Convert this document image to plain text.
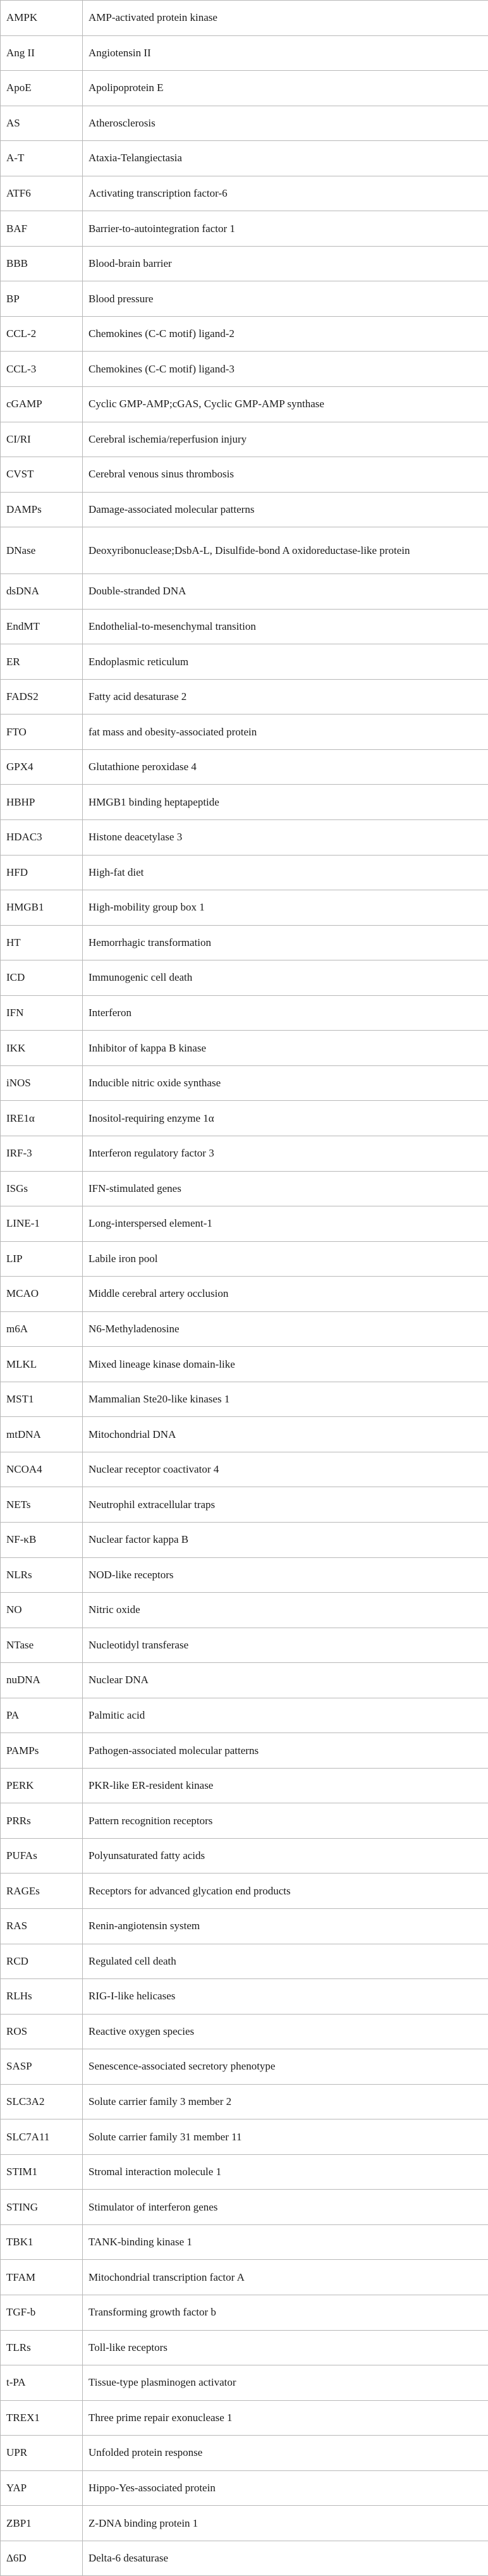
AMPK	AMP-activated protein kinase
Ang II	Angiotensin II
ApoE	Apolipoprotein E
AS	Atherosclerosis
A-T	Ataxia-Telangiectasia
ATF6	Activating transcription factor-6
BAF	Barrier-to-autointegration factor 1
BBB	Blood-brain barrier
BP	Blood pressure
CCL-2	Chemokines (C-C motif) ligand-2
CCL-3	Chemokines (C-C motif) ligand-3
cGAMP	Cyclic GMP-AMP;cGAS, Cyclic GMP-AMP synthase
CI/RI	Cerebral ischemia/reperfusion injury
CVST	Cerebral venous sinus thrombosis
DAMPs	Damage-associated molecular patterns
DNase	Deoxyribonuclease;DsbA-L, Disulfide-bond A oxidoreductase-like protein
dsDNA	Double-stranded DNA
EndMT	Endothelial-to-mesenchymal transition
ER	Endoplasmic reticulum
FADS2	Fatty acid desaturase 2
FTO	fat mass and obesity-associated protein
GPX4	Glutathione peroxidase 4
HBHP	HMGB1 binding heptapeptide
HDAC3	Histone deacetylase 3
HFD	High-fat diet
HMGB1	High-mobility group box 1
HT	Hemorrhagic transformation
ICD	Immunogenic cell death
IFN	Interferon
IKK	Inhibitor of kappa B kinase
iNOS	Inducible nitric oxide synthase
IRE1α	Inositol-requiring enzyme 1α
IRF-3	Interferon regulatory factor 3
ISGs	IFN-stimulated genes
LINE-1	Long-interspersed element-1
LIP	Labile iron pool
MCAO	Middle cerebral artery occlusion
m6A	N6-Methyladenosine
MLKL	Mixed lineage kinase domain-like
MST1	Mammalian Ste20-like kinases 1
mtDNA	Mitochondrial DNA
NCOA4	Nuclear receptor coactivator 4
NETs	Neutrophil extracellular traps
NF-κB	Nuclear factor kappa B
NLRs	NOD-like receptors
NO	Nitric oxide
NTase	Nucleotidyl transferase
nuDNA	Nuclear DNA
PA	Palmitic acid
PAMPs	Pathogen-associated molecular patterns
PERK	PKR-like ER-resident kinase
PRRs	Pattern recognition receptors
PUFAs	Polyunsaturated fatty acids
RAGEs	Receptors for advanced glycation end products
RAS	Renin-angiotensin system
RCD	Regulated cell death
RLHs	RIG-I-like helicases
ROS	Reactive oxygen species
SASP	Senescence-associated secretory phenotype
SLC3A2	Solute carrier family 3 member 2
SLC7A11	Solute carrier family 31 member 11
STIM1	Stromal interaction molecule 1
STING	Stimulator of interferon genes
TBK1	TANK-binding kinase 1
TFAM	Mitochondrial transcription factor A
TGF-b	Transforming growth factor b
TLRs	Toll-like receptors
t-PA	Tissue-type plasminogen activator
TREX1	Three prime repair exonuclease 1
UPR	Unfolded protein response
YAP	Hippo-Yes-associated protein
ZBP1	Z-DNA binding protein 1
Δ6D	Delta-6 desaturase
